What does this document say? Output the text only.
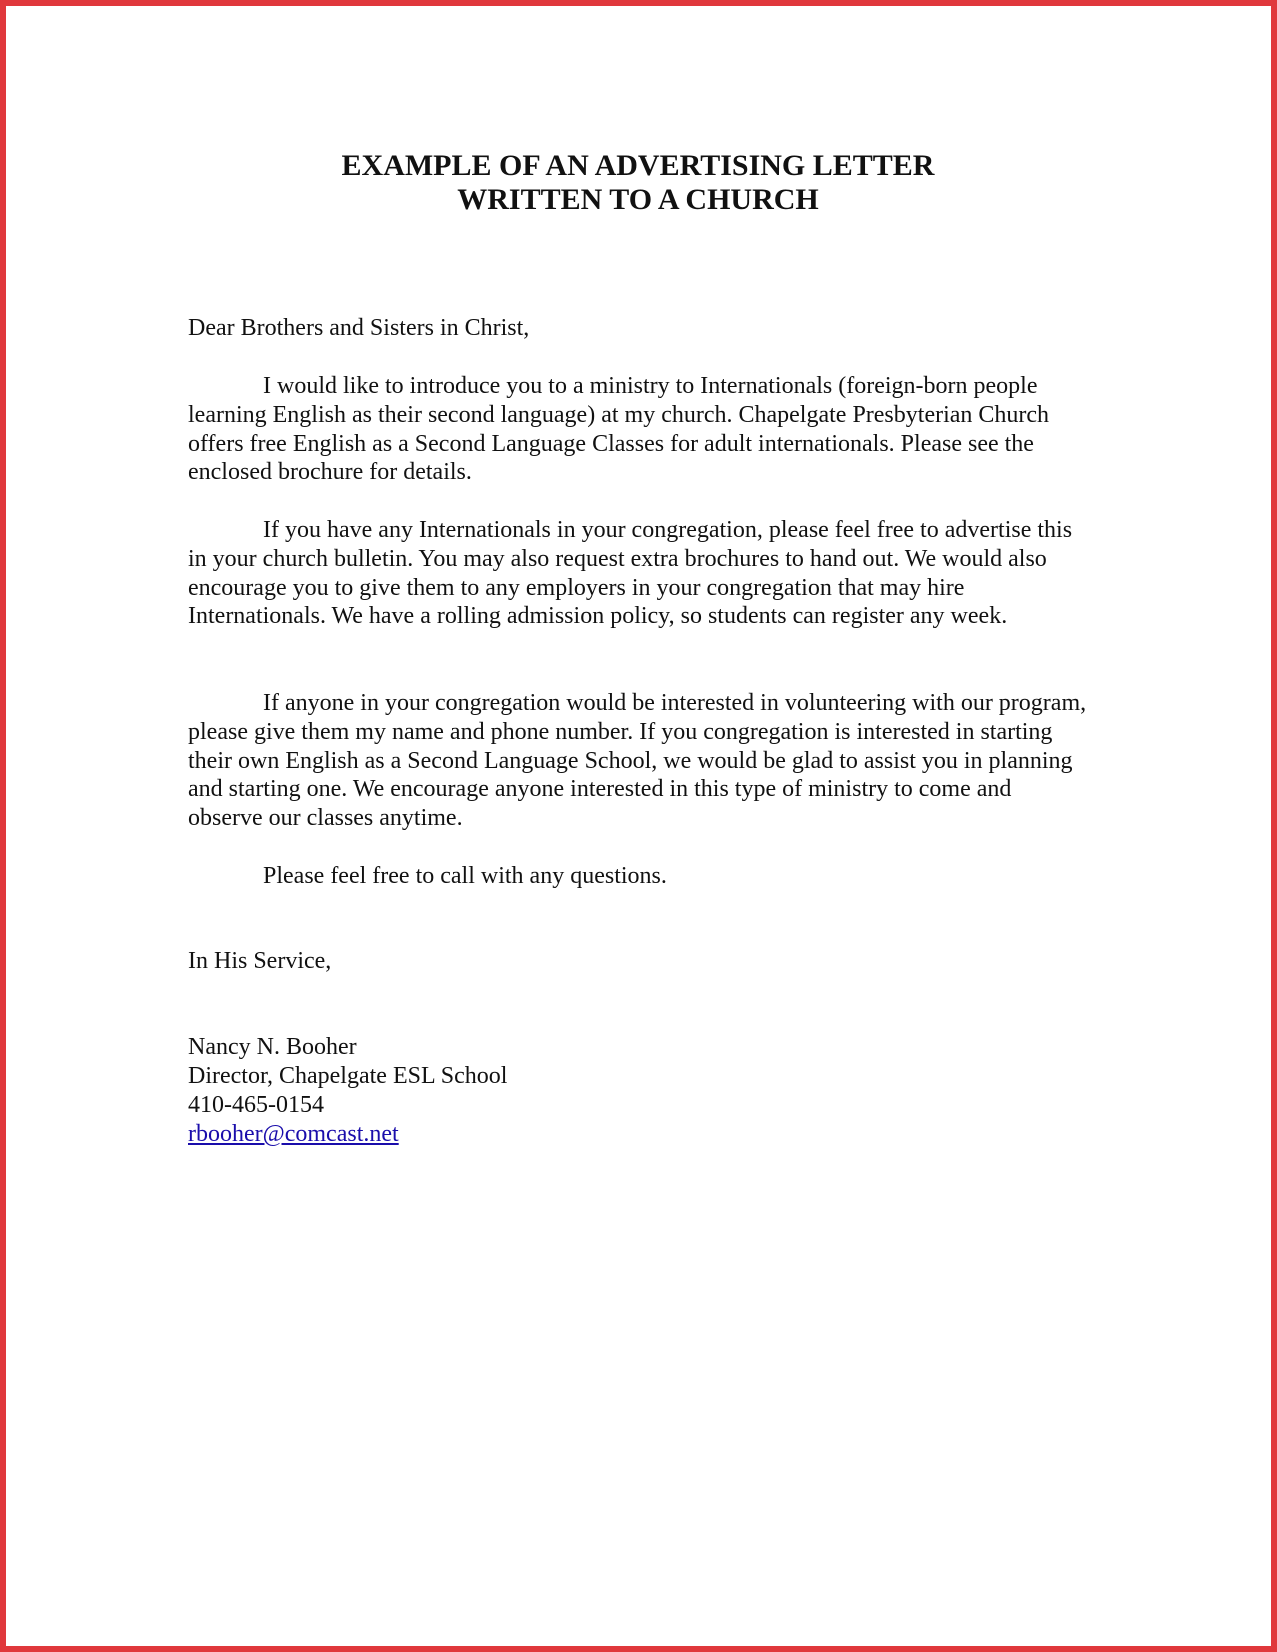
EXAMPLE OF AN ADVERTISING LETTER
WRITTEN TO A CHURCH

Dear Brothers and Sisters in Christ,

I would like to introduce you to a ministry to Internationals (foreign-born people learning English as their second language) at my church. Chapelgate Presbyterian Church offers free English as a Second Language Classes for adult internationals. Please see the enclosed brochure for details.

If you have any Internationals in your congregation, please feel free to advertise this in your church bulletin. You may also request extra brochures to hand out. We would also encourage you to give them to any employers in your congregation that may hire Internationals. We have a rolling admission policy, so students can register any week.

If anyone in your congregation would be interested in volunteering with our program, please give them my name and phone number. If you congregation is interested in starting their own English as a Second Language School, we would be glad to assist you in planning and starting one. We encourage anyone interested in this type of ministry to come and observe our classes anytime.

Please feel free to call with any questions.

In His Service,

Nancy N. Booher

Director, Chapelgate ESL School

410-465-0154

rbooher@comcast.net
